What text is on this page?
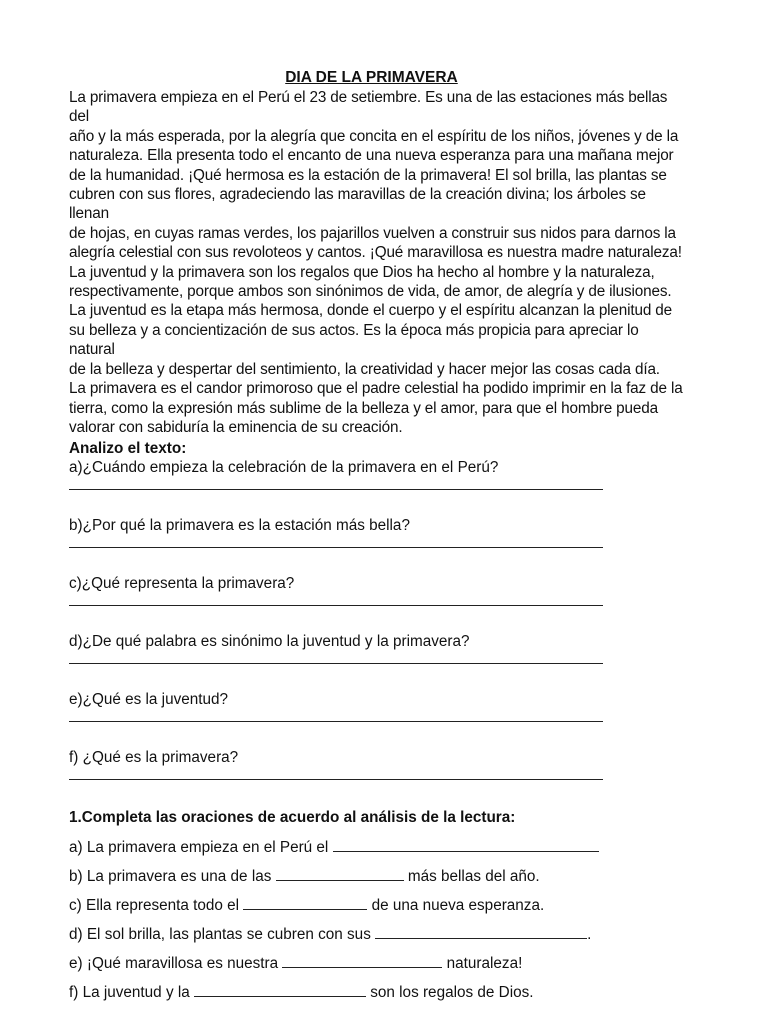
DIA DE LA PRIMAVERA

La primavera empieza en el Perú el 23 de setiembre. Es una de las estaciones más bellas del

año y la más esperada, por la alegría que concita en el espíritu de los niños, jóvenes y de la

naturaleza. Ella presenta todo el encanto de una nueva esperanza para una mañana mejor

de la humanidad. ¡Qué hermosa es la estación de la primavera! El sol brilla, las plantas se

cubren con sus flores, agradeciendo las maravillas de la creación divina; los árboles se llenan

de hojas, en cuyas ramas verdes, los pajarillos vuelven a construir sus nidos para darnos la

alegría celestial con sus revoloteos y cantos. ¡Qué maravillosa es nuestra madre naturaleza!

La juventud y la primavera son los regalos que Dios ha hecho al hombre y la naturaleza,

respectivamente, porque ambos son sinónimos de vida, de amor, de alegría y de ilusiones.

La juventud es la etapa más hermosa, donde el cuerpo y el espíritu alcanzan la plenitud de

su belleza y a concientización de sus actos. Es la época más propicia para apreciar lo natural

de la belleza y despertar del sentimiento, la creatividad y hacer mejor las cosas cada día.

La primavera es el candor primoroso que el padre celestial ha podido imprimir en la faz de la

tierra, como la expresión más sublime de la belleza y el amor, para que el hombre pueda

valorar con sabiduría la eminencia de su creación.

Analizo el texto:

a)¿Cuándo empieza la celebración de la primavera en el Perú?

b)¿Por qué la primavera es la estación más bella?

c)¿Qué representa la primavera?

d)¿De qué palabra es sinónimo la juventud y la primavera?

e)¿Qué es la juventud?

f) ¿Qué es la primavera?

1.Completa las oraciones de acuerdo al análisis de la lectura:
a) La primavera empieza en el Perú el
b) La primavera es una de las	más bellas del año.
c) Ella representa todo el	de una nueva esperanza.
d) El sol brilla, las plantas se cubren con sus	.
e) ¡Qué maravillosa es nuestra	naturaleza!
f) La juventud y la	son los regalos de Dios.
